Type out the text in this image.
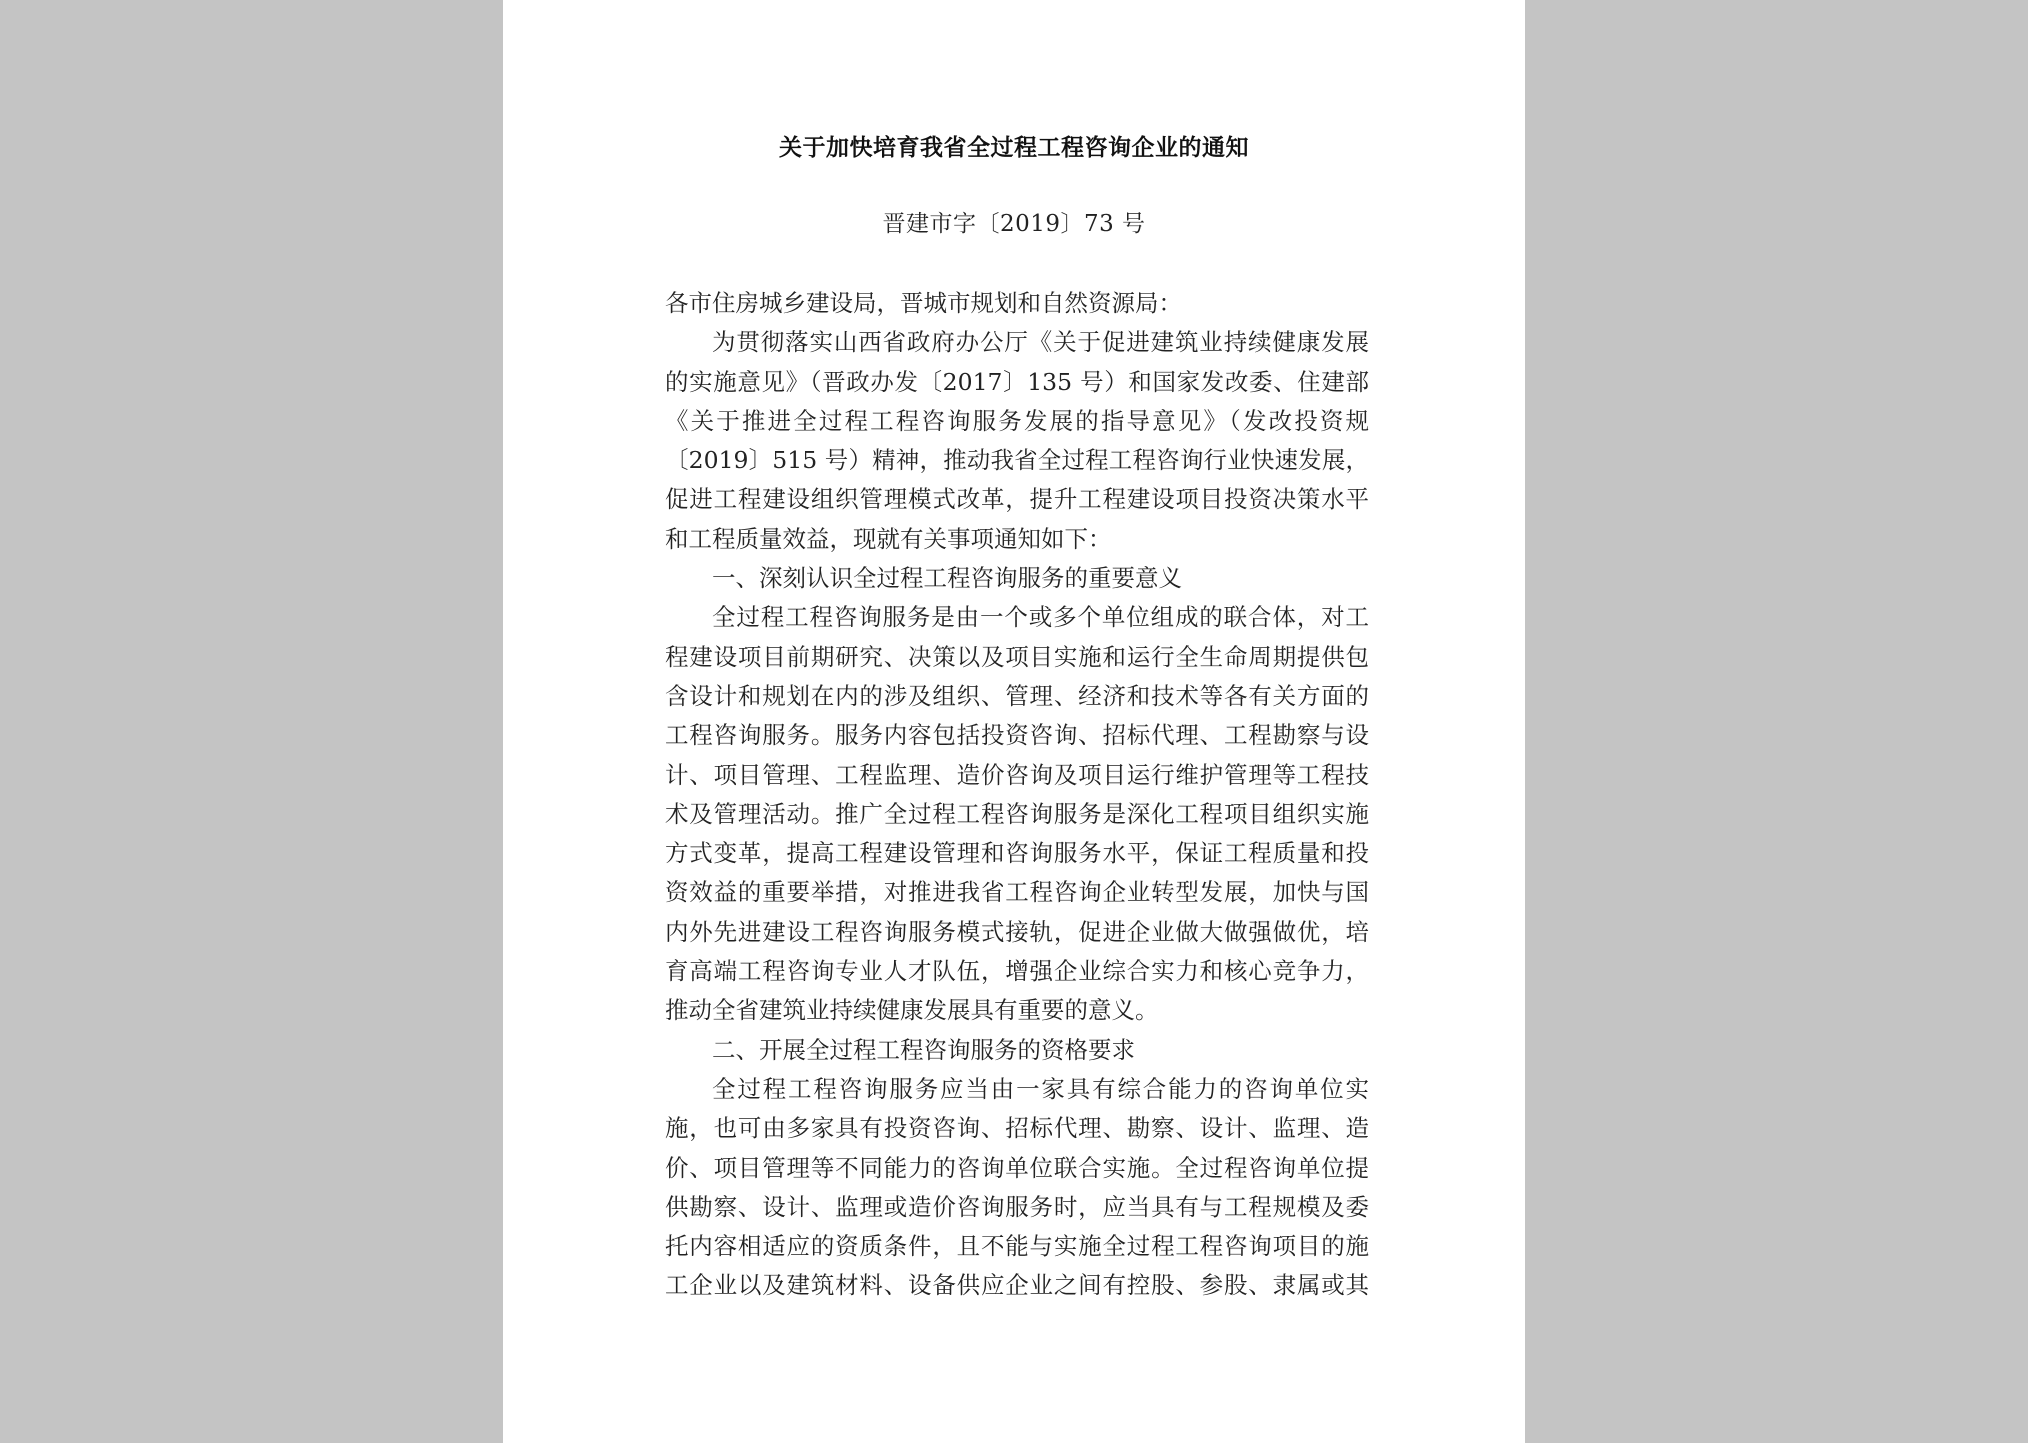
关于加快培育我省全过程工程咨询企业的通知
晋建市字〔2019〕73 号
各市住房城乡建设局，晋城市规划和自然资源局：
为贯彻落实山西省政府办公厅《关于促进建筑业持续健康发展
的实施意见》（晋政办发〔2017〕135 号）和国家发改委、住建部
《关于推进全过程工程咨询服务发展的指导意见》（发改投资规
〔2019〕515 号）精神，推动我省全过程工程咨询行业快速发展，
促进工程建设组织管理模式改革，提升工程建设项目投资决策水平
和工程质量效益，现就有关事项通知如下：
一、深刻认识全过程工程咨询服务的重要意义
全过程工程咨询服务是由一个或多个单位组成的联合体，对工
程建设项目前期研究、决策以及项目实施和运行全生命周期提供包
含设计和规划在内的涉及组织、管理、经济和技术等各有关方面的
工程咨询服务。服务内容包括投资咨询、招标代理、工程勘察与设
计、项目管理、工程监理、造价咨询及项目运行维护管理等工程技
术及管理活动。推广全过程工程咨询服务是深化工程项目组织实施
方式变革，提高工程建设管理和咨询服务水平，保证工程质量和投
资效益的重要举措，对推进我省工程咨询企业转型发展，加快与国
内外先进建设工程咨询服务模式接轨，促进企业做大做强做优，培
育高端工程咨询专业人才队伍，增强企业综合实力和核心竞争力，
推动全省建筑业持续健康发展具有重要的意义。
二、开展全过程工程咨询服务的资格要求
全过程工程咨询服务应当由一家具有综合能力的咨询单位实
施，也可由多家具有投资咨询、招标代理、勘察、设计、监理、造
价、项目管理等不同能力的咨询单位联合实施。全过程咨询单位提
供勘察、设计、监理或造价咨询服务时，应当具有与工程规模及委
托内容相适应的资质条件，且不能与实施全过程工程咨询项目的施
工企业以及建筑材料、设备供应企业之间有控股、参股、隶属或其
